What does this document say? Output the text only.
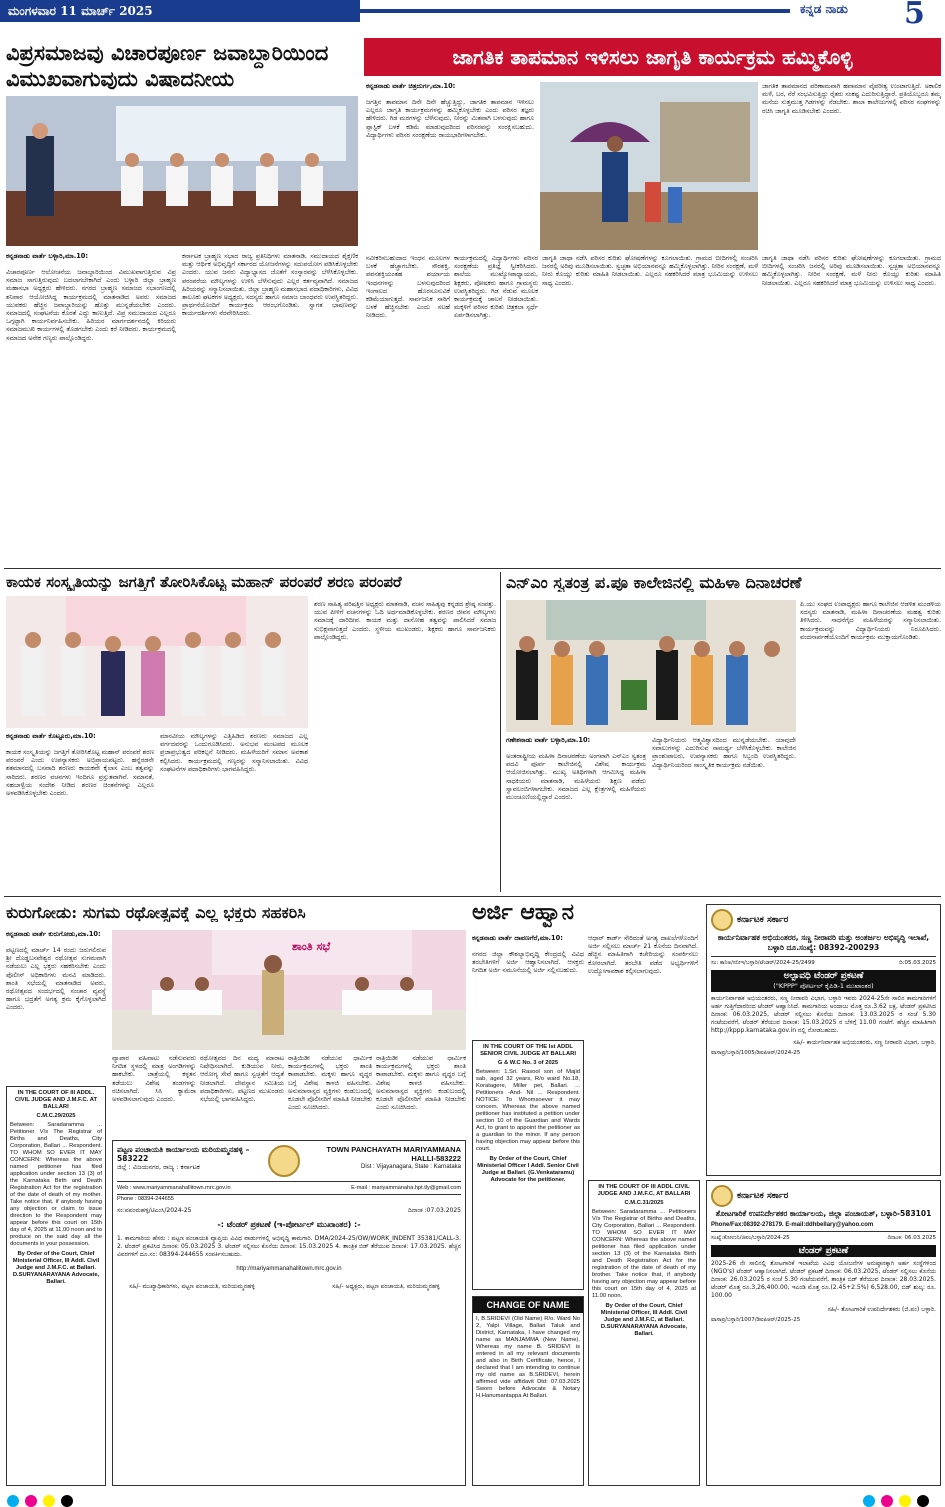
ಮಂಗಳವಾರ 11 ಮಾರ್ಚ್ 2025	ಕನ್ನಡ ನಾಡು 5
ವಿಪ್ರಸಮಾಜವು ವಿಚಾರಪೂರ್ಣ ಜವಾಬ್ದಾರಿಯಿಂದ ವಿಮುಖವಾಗುವುದು ವಿಷಾದನೀಯ
ಕನ್ನಡನಾಡು ವಾರ್ತೆ ಬಳ್ಳಾರಿ,ಮಾ.10:
ವಿಚಾರಪೂರ್ಣ ಆಲೋಚನೆಯ ಜವಾಬ್ದಾರಿಯಿಂದ ವಿಮುಖವಾಗುತ್ತಿರುವ ವಿಪ್ರ ಸಮಾಜ ಸಾಗುತ್ತಿರುವುದು ಬದಲಾಗಬೇಕಾಗಿದೆ ಎಂದು ಬಳ್ಳಾರಿ ಜಿಲ್ಲಾ ಬ್ರಾಹ್ಮಣ ಮಹಾಸಭಾ ಅಧ್ಯಕ್ಷರು ಹೇಳಿದರು. ನಗರದ ಬ್ರಾಹ್ಮಣ ಸಮಾಜದ ಸಭಾಂಗಣದಲ್ಲಿ ಶನಿವಾರ ಆಯೋಜಿಸಿದ್ದ ಕಾರ್ಯಕ್ರಮದಲ್ಲಿ ಮಾತನಾಡಿದ ಅವರು ಸಮಾಜದ ಯುವಕರು ಹೆಚ್ಚಿನ ಜವಾಬ್ದಾರಿಯನ್ನು ಹೊತ್ತು ಮುನ್ನಡೆಯಬೇಕು ಎಂದರು. ಸಮಾಜದಲ್ಲಿ ಸಂಘಟನೆಯ ಕೊರತೆ ಎದ್ದು ಕಾಣುತ್ತಿದೆ. ವಿಪ್ರ ಸಮುದಾಯದ ಎಲ್ಲರೂ ಒಗ್ಗಟ್ಟಾಗಿ ಕಾರ್ಯನಿರ್ವಹಿಸಬೇಕು. ಹಿರಿಯರ ಮಾರ್ಗದರ್ಶನದಲ್ಲಿ ಕಿರಿಯರು ಸಮಾಜಮುಖಿ ಕಾರ್ಯಗಳಲ್ಲಿ ತೊಡಗಬೇಕು ಎಂದು ಕರೆ ನೀಡಿದರು. ಕಾರ್ಯಕ್ರಮದಲ್ಲಿ ಸಮಾಜದ ಅನೇಕ ಗಣ್ಯರು ಪಾಲ್ಗೊಂಡಿದ್ದರು.
ಕರ್ನಾಟಕ ಬ್ರಾಹ್ಮಣ ಸಭಾದ ರಾಜ್ಯ ಪ್ರತಿನಿಧಿಗಳು ಮಾತನಾಡಿ, ಸಮುದಾಯದ ಶೈಕ್ಷಣಿಕ ಮತ್ತು ಆರ್ಥಿಕ ಅಭಿವೃದ್ಧಿಗೆ ಸರ್ಕಾರದ ಯೋಜನೆಗಳನ್ನು ಸದುಪಯೋಗ ಪಡಿಸಿಕೊಳ್ಳಬೇಕು ಎಂದರು. ಯುವ ಜನರು ವಿದ್ಯಾಭ್ಯಾಸದ ಜೊತೆಗೆ ಸಂಸ್ಕಾರವನ್ನು ಬೆಳೆಸಿಕೊಳ್ಳಬೇಕು. ಪರಂಪರೆಯ ಮೌಲ್ಯಗಳನ್ನು ಉಳಿಸಿ ಬೆಳೆಸುವುದು ಎಲ್ಲರ ಕರ್ತವ್ಯವಾಗಿದೆ. ಸಮಾಜದ ಹಿರಿಯರನ್ನು ಸನ್ಮಾನಿಸಲಾಯಿತು. ಜಿಲ್ಲಾ ಬ್ರಾಹ್ಮಣ ಮಹಾಸಭಾದ ಪದಾಧಿಕಾರಿಗಳು, ವಿವಿಧ ತಾಲೂಕು ಘಟಕಗಳ ಅಧ್ಯಕ್ಷರು, ಸದಸ್ಯರು ಹಾಗೂ ಸಮಾಜ ಬಾಂಧವರು ಉಪಸ್ಥಿತರಿದ್ದರು. ಪ್ರಾರ್ಥನೆಯೊಂದಿಗೆ ಕಾರ್ಯಕ್ರಮ ಆರಂಭಗೊಂಡಿತು. ಸ್ವಾಗತ ಭಾಷಣವನ್ನು ಕಾರ್ಯದರ್ಶಿಗಳು ನೆರವೇರಿಸಿದರು.
ಜಾಗತಿಕ ತಾಪಮಾನ ಇಳಿಸಲು ಜಾಗೃತಿ ಕಾರ್ಯಕ್ರಮ ಹಮ್ಮಿಕೊಳ್ಳಿ
ಕನ್ನಡನಾಡು ವಾರ್ತೆ ಚಿತ್ರದುರ್ಗ,ಮಾ.10:
ಜಗತ್ತಿನ ತಾಪಮಾನ ದಿನೇ ದಿನೇ ಹೆಚ್ಚುತ್ತಿದ್ದು, ಜಾಗತಿಕ ತಾಪಮಾನ ಇಳಿಸಲು ಎಲ್ಲರೂ ಜಾಗೃತಿ ಕಾರ್ಯಕ್ರಮಗಳನ್ನು ಹಮ್ಮಿಕೊಳ್ಳಬೇಕು ಎಂದು ಪರಿಸರ ತಜ್ಞರು ಹೇಳಿದರು. ಗಿಡ ಮರಗಳನ್ನು ಬೆಳೆಸುವುದು, ನೀರನ್ನು ಮಿತವಾಗಿ ಬಳಸುವುದು ಹಾಗೂ ಪ್ಲಾಸ್ಟಿಕ್ ಬಳಕೆ ಕಡಿಮೆ ಮಾಡುವುದರಿಂದ ಪರಿಸರವನ್ನು ಸಂರಕ್ಷಿಸಬಹುದು. ವಿದ್ಯಾರ್ಥಿಗಳು ಪರಿಸರ ಸಂರಕ್ಷಣೆಯ ರಾಯಭಾರಿಗಳಾಗಬೇಕು.
ಜಾಗತಿಕ ತಾಪಮಾನದ ಪರಿಣಾಮವಾಗಿ ಹವಾಮಾನ ವೈಪರೀತ್ಯ ಉಂಟಾಗುತ್ತಿದೆ. ಅಕಾಲಿಕ ಮಳೆ, ಬರ, ನೆರೆ ಸಂಭವಿಸುತ್ತಿದ್ದು ರೈತರು ಸಂಕಷ್ಟ ಎದುರಿಸುತ್ತಿದ್ದಾರೆ. ಪ್ರತಿಯೊಬ್ಬರೂ ತಮ್ಮ ಮನೆಯ ಸುತ್ತಮುತ್ತ ಗಿಡಗಳನ್ನು ನೆಡಬೇಕು. ಶಾಲಾ ಕಾಲೇಜುಗಳಲ್ಲಿ ಪರಿಸರ ಸಂಘಗಳನ್ನು ರಚಿಸಿ ಜಾಗೃತಿ ಮೂಡಿಸಬೇಕು ಎಂದರು.
ನವೀಕರಿಸಬಹುದಾದ ಇಂಧನ ಮೂಲಗಳ ಬಳಕೆ ಹೆಚ್ಚಾಗಬೇಕು. ಸೌರಶಕ್ತಿ, ಪವನಶಕ್ತಿಯಂತಹ ಪರ್ಯಾಯ ಇಂಧನಗಳನ್ನು ಬಳಸುವುದರಿಂದ ಇಂಗಾಲದ ಹೊರಸೂಸುವಿಕೆ ಕಡಿಮೆಯಾಗುತ್ತದೆ. ಸಾರ್ವಜನಿಕ ಸಾರಿಗೆ ಬಳಕೆ ಹೆಚ್ಚಿಸಬೇಕು ಎಂದು ಸಲಹೆ ನೀಡಿದರು.
ಕಾರ್ಯಕ್ರಮದಲ್ಲಿ ವಿದ್ಯಾರ್ಥಿಗಳು ಪರಿಸರ ಸಂರಕ್ಷಣೆಯ ಪ್ರತಿಜ್ಞೆ ಸ್ವೀಕರಿಸಿದರು. ಶಾಲೆಯ ಮುಖ್ಯೋಪಾಧ್ಯಾಯರು, ಶಿಕ್ಷಕರು, ಪೋಷಕರು ಹಾಗೂ ಗ್ರಾಮಸ್ಥರು ಉಪಸ್ಥಿತರಿದ್ದರು. ಗಿಡ ನೆಡುವ ಮೂಲಕ ಕಾರ್ಯಕ್ರಮಕ್ಕೆ ಚಾಲನೆ ನೀಡಲಾಯಿತು. ಮಕ್ಕಳಿಗೆ ಪರಿಸರ ಕುರಿತು ಚಿತ್ರಕಲಾ ಸ್ಪರ್ಧೆ ಏರ್ಪಡಿಸಲಾಗಿತ್ತು.
ಜಾಗೃತಿ ಜಾಥಾ ನಡೆಸಿ ಪರಿಸರ ಕುರಿತು ಘೋಷಣೆಗಳನ್ನು ಕೂಗಲಾಯಿತು. ಗ್ರಾಮದ ಬೀದಿಗಳಲ್ಲಿ ಸಂಚರಿಸಿ ಜನರಲ್ಲಿ ಅರಿವು ಮೂಡಿಸಲಾಯಿತು. ಸ್ವಚ್ಛತಾ ಅಭಿಯಾನವನ್ನೂ ಹಮ್ಮಿಕೊಳ್ಳಲಾಗಿತ್ತು. ನೀರಿನ ಸಂರಕ್ಷಣೆ, ಮಳೆ ನೀರು ಕೊಯ್ಲು ಕುರಿತು ಮಾಹಿತಿ ನೀಡಲಾಯಿತು. ಎಲ್ಲರೂ ಸಹಕರಿಸಿದರೆ ಮಾತ್ರ ಭೂಮಿಯನ್ನು ಉಳಿಸಲು ಸಾಧ್ಯ ಎಂದರು.
ಜಾಗೃತಿ ಜಾಥಾ ನಡೆಸಿ ಪರಿಸರ ಕುರಿತು ಘೋಷಣೆಗಳನ್ನು ಕೂಗಲಾಯಿತು. ಗ್ರಾಮದ ಬೀದಿಗಳಲ್ಲಿ ಸಂಚರಿಸಿ ಜನರಲ್ಲಿ ಅರಿವು ಮೂಡಿಸಲಾಯಿತು. ಸ್ವಚ್ಛತಾ ಅಭಿಯಾನವನ್ನೂ ಹಮ್ಮಿಕೊಳ್ಳಲಾಗಿತ್ತು. ನೀರಿನ ಸಂರಕ್ಷಣೆ, ಮಳೆ ನೀರು ಕೊಯ್ಲು ಕುರಿತು ಮಾಹಿತಿ ನೀಡಲಾಯಿತು. ಎಲ್ಲರೂ ಸಹಕರಿಸಿದರೆ ಮಾತ್ರ ಭೂಮಿಯನ್ನು ಉಳಿಸಲು ಸಾಧ್ಯ ಎಂದರು.
ಕಾಯಕ ಸಂಸ್ಕೃತಿಯನ್ನು ಜಗತ್ತಿಗೆ ತೋರಿಸಿಕೊಟ್ಟ ಮಹಾನ್ ಪರಂಪರೆ ಶರಣ ಪರಂಪರೆ
ಶರಣ ಸಾಹಿತ್ಯ ಪರಿಷತ್ತಿನ ಅಧ್ಯಕ್ಷರು ಮಾತನಾಡಿ, ವಚನ ಸಾಹಿತ್ಯವು ಕನ್ನಡದ ಶ್ರೇಷ್ಠ ಸಂಪತ್ತು. ಯುವ ಪೀಳಿಗೆ ವಚನಗಳನ್ನು ಓದಿ ಅರ್ಥಮಾಡಿಕೊಳ್ಳಬೇಕು. ಶರಣರ ಜೀವನ ಮೌಲ್ಯಗಳು ಸಮಾಜಕ್ಕೆ ದಾರಿದೀಪ. ಕಾಯಕ ಮತ್ತು ದಾಸೋಹ ತತ್ವವನ್ನು ಪಾಲಿಸಿದರೆ ಸಮಾಜ ಸುಭಿಕ್ಷವಾಗುತ್ತದೆ ಎಂದರು. ಸ್ಥಳೀಯ ಮುಖಂಡರು, ಶಿಕ್ಷಕರು ಹಾಗೂ ಸಾರ್ವಜನಿಕರು ಪಾಲ್ಗೊಂಡಿದ್ದರು.
ಕನ್ನಡನಾಡು ವಾರ್ತೆ ಕೊಟ್ಟೂರು,ಮಾ.10:
ಕಾಯಕ ಸಂಸ್ಕೃತಿಯನ್ನು ಜಗತ್ತಿಗೆ ತೋರಿಸಿಕೊಟ್ಟ ಮಹಾನ್ ಪರಂಪರೆ ಶರಣ ಪರಂಪರೆ ಎಂದು ಉಪನ್ಯಾಸಕರು ಅಭಿಪ್ರಾಯಪಟ್ಟರು. ಹನ್ನೆರಡನೇ ಶತಮಾನದಲ್ಲಿ ಬಸವಾದಿ ಶರಣರು ಕಾಯಕವೇ ಕೈಲಾಸ ಎಂಬ ತತ್ವವನ್ನು ಸಾರಿದರು. ಶರಣರ ವಚನಗಳು ಇಂದಿಗೂ ಪ್ರಸ್ತುತವಾಗಿವೆ. ಸಮಾನತೆ, ಸಹಬಾಳ್ವೆಯ ಸಂದೇಶ ನೀಡಿದ ಶರಣರ ಚಿಂತನೆಗಳನ್ನು ಎಲ್ಲರೂ ಅಳವಡಿಸಿಕೊಳ್ಳಬೇಕು ಎಂದರು.
ಮಾನವೀಯ ಮೌಲ್ಯಗಳನ್ನು ಎತ್ತಿಹಿಡಿದ ಶರಣರು ಸಮಾಜದ ಎಲ್ಲ ವರ್ಗದವರನ್ನು ಒಂದುಗೂಡಿಸಿದರು. ಅನುಭವ ಮಂಟಪದ ಮೂಲಕ ಪ್ರಜಾಪ್ರಭುತ್ವದ ಪರಿಕಲ್ಪನೆ ನೀಡಿದರು. ಮಹಿಳೆಯರಿಗೆ ಸಮಾನ ಅವಕಾಶ ಕಲ್ಪಿಸಿದರು. ಕಾರ್ಯಕ್ರಮದಲ್ಲಿ ಗಣ್ಯರನ್ನು ಸನ್ಮಾನಿಸಲಾಯಿತು. ವಿವಿಧ ಸಂಘಟನೆಗಳ ಪದಾಧಿಕಾರಿಗಳು ಭಾಗವಹಿಸಿದ್ದರು.
ಎನ್‌ಎಂ ಸ್ವತಂತ್ರ ಪ.ಪೂ ಕಾಲೇಜಿನಲ್ಲಿ ಮಹಿಳಾ ದಿನಾಚರಣೆ
ಪಿ.ಯು ಸಂಘದ ಉಪಾಧ್ಯಕ್ಷರು ಹಾಗೂ ಕಾಲೇಜಿನ ಆಡಳಿತ ಮಂಡಳಿಯ ಸದಸ್ಯರು ಮಾತನಾಡಿ, ಮಹಿಳಾ ದಿನಾಚರಣೆಯ ಮಹತ್ವ ಕುರಿತು ತಿಳಿಸಿದರು. ಸಾಧನೆಗೈದ ಮಹಿಳೆಯರನ್ನು ಸನ್ಮಾನಿಸಲಾಯಿತು. ಕಾರ್ಯಕ್ರಮವನ್ನು ವಿದ್ಯಾರ್ಥಿನಿಯರು ನಿರೂಪಿಸಿದರು. ವಂದನಾರ್ಪಣೆಯೊಂದಿಗೆ ಕಾರ್ಯಕ್ರಮ ಮುಕ್ತಾಯಗೊಂಡಿತು.
ಗಣೇಶನಾಡು ವಾರ್ತೆ ಬಳ್ಳಾರಿ,ಮಾ.10:
ಅಂತರಾಷ್ಟ್ರೀಯ ಮಹಿಳಾ ದಿನಾಚರಣೆಯ ಅಂಗವಾಗಿ ಎನ್‌ಎಂ ಸ್ವತಂತ್ರ ಪದವಿ ಪೂರ್ವ ಕಾಲೇಜಿನಲ್ಲಿ ವಿಶೇಷ ಕಾರ್ಯಕ್ರಮ ಆಯೋಜಿಸಲಾಗಿತ್ತು. ಮುಖ್ಯ ಅತಿಥಿಗಳಾಗಿ ಆಗಮಿಸಿದ್ದ ಮಹಿಳಾ ಸಾಧಕಿಯರು ಮಾತನಾಡಿ, ಮಹಿಳೆಯರು ಶಿಕ್ಷಣ ಪಡೆದು ಸ್ವಾವಲಂಬಿಗಳಾಗಬೇಕು. ಸಮಾಜದ ಎಲ್ಲ ಕ್ಷೇತ್ರಗಳಲ್ಲಿ ಮಹಿಳೆಯರು ಮುಂಚೂಣಿಯಲ್ಲಿದ್ದಾರೆ ಎಂದರು.
ವಿದ್ಯಾರ್ಥಿನಿಯರು ಆತ್ಮವಿಶ್ವಾಸದಿಂದ ಮುನ್ನಡೆಯಬೇಕು. ಯಾವುದೇ ಸವಾಲುಗಳನ್ನು ಎದುರಿಸುವ ಸಾಮರ್ಥ್ಯ ಬೆಳೆಸಿಕೊಳ್ಳಬೇಕು. ಕಾಲೇಜಿನ ಪ್ರಾಂಶುಪಾಲರು, ಉಪನ್ಯಾಸಕರು ಹಾಗೂ ಸಿಬ್ಬಂದಿ ಉಪಸ್ಥಿತರಿದ್ದರು. ವಿದ್ಯಾರ್ಥಿನಿಯರಿಂದ ಸಾಂಸ್ಕೃತಿಕ ಕಾರ್ಯಕ್ರಮ ನಡೆಯಿತು.
ಕುರುಗೋಡು: ಸುಗಮ ರಥೋತ್ಸವಕ್ಕೆ ಎಲ್ಲ ಭಕ್ತರು ಸಹಕರಿಸಿ
ಕನ್ನಡನಾಡು ವಾರ್ತೆ ಕುರುಗೋಡು,ಮಾ.10:
ಪಟ್ಟಣದಲ್ಲಿ ಮಾರ್ಚ್ 14 ರಂದು ಜರುಗಲಿರುವ ಶ್ರೀ ದೊಡ್ಡಬಸವೇಶ್ವರ ರಥೋತ್ಸವ ಸುಗಮವಾಗಿ ನಡೆಯಲು ಎಲ್ಲ ಭಕ್ತರು ಸಹಕರಿಸಬೇಕು ಎಂದು ಪೊಲೀಸ್ ಅಧಿಕಾರಿಗಳು ಮನವಿ ಮಾಡಿದರು. ಶಾಂತಿ ಸಭೆಯಲ್ಲಿ ಮಾತನಾಡಿದ ಅವರು, ರಥೋತ್ಸವದ ಸಂದರ್ಭದಲ್ಲಿ ಸಂಚಾರ ವ್ಯವಸ್ಥೆ ಹಾಗೂ ಭದ್ರತೆಗೆ ಅಗತ್ಯ ಕ್ರಮ ಕೈಗೊಳ್ಳಲಾಗಿದೆ ಎಂದರು.
ಶಾಂತಿ ಸಭೆ
ವ್ಯಾಪಾರ ವಹಿವಾಟು ನಡೆಸುವವರು ನಿಗದಿತ ಸ್ಥಳದಲ್ಲಿ ಮಾತ್ರ ಅಂಗಡಿಗಳನ್ನು ಹಾಕಬೇಕು. ಜಾತ್ರೆಯಲ್ಲಿ ಕಳ್ಳತನ ತಡೆಯಲು ವಿಶೇಷ ತಂಡಗಳನ್ನು ರಚಿಸಲಾಗಿದೆ. ಸಿಸಿ ಕ್ಯಾಮೆರಾ ಅಳವಡಿಸಲಾಗುವುದು ಎಂದರು.
ರಥೋತ್ಸವದ ದಿನ ಮದ್ಯ ಮಾರಾಟ ನಿಷೇಧಿಸಲಾಗಿದೆ. ಕುಡಿಯುವ ನೀರು, ಆರೋಗ್ಯ ಸೇವೆ ಹಾಗೂ ಸ್ವಚ್ಛತೆಗೆ ಆದ್ಯತೆ ನೀಡಲಾಗಿದೆ. ದೇವಸ್ಥಾನ ಸಮಿತಿಯ ಪದಾಧಿಕಾರಿಗಳು, ಪಟ್ಟಣದ ಮುಖಂಡರು ಸಭೆಯಲ್ಲಿ ಭಾಗವಹಿಸಿದ್ದರು.
ರಾತ್ರಿಯಿಡೀ ನಡೆಯುವ ಧಾರ್ಮಿಕ ಕಾರ್ಯಕ್ರಮಗಳಲ್ಲಿ ಭಕ್ತರು ಶಾಂತಿ ಕಾಪಾಡಬೇಕು. ಮಕ್ಕಳು ಹಾಗೂ ವೃದ್ಧರ ಬಗ್ಗೆ ವಿಶೇಷ ಕಾಳಜಿ ವಹಿಸಬೇಕು. ಅನುಮಾನಾಸ್ಪದ ವ್ಯಕ್ತಿಗಳು ಕಂಡುಬಂದಲ್ಲಿ ಕೂಡಲೇ ಪೊಲೀಸರಿಗೆ ಮಾಹಿತಿ ನೀಡಬೇಕು ಎಂದು ಸೂಚಿಸಿದರು.
ರಾತ್ರಿಯಿಡೀ ನಡೆಯುವ ಧಾರ್ಮಿಕ ಕಾರ್ಯಕ್ರಮಗಳಲ್ಲಿ ಭಕ್ತರು ಶಾಂತಿ ಕಾಪಾಡಬೇಕು. ಮಕ್ಕಳು ಹಾಗೂ ವೃದ್ಧರ ಬಗ್ಗೆ ವಿಶೇಷ ಕಾಳಜಿ ವಹಿಸಬೇಕು. ಅನುಮಾನಾಸ್ಪದ ವ್ಯಕ್ತಿಗಳು ಕಂಡುಬಂದಲ್ಲಿ ಕೂಡಲೇ ಪೊಲೀಸರಿಗೆ ಮಾಹಿತಿ ನೀಡಬೇಕು ಎಂದು ಸೂಚಿಸಿದರು.
IN THE COURT OF III ADDL. CIVIL JUDGE AND J.M.F.C. AT BALLARI
C.M.C.29/2025
Between: Saradaramma ... Petitioner V/s The Registrar of Births and Deaths, City Corporation, Ballari ... Respondent. TO WHOM SO EVER IT MAY CONCERN: Whereas the above named petitioner has filed application under section 13 (3) of the Karnataka Birth and Death Registration Act for the registration of the date of death of my mother. Take notice that, if anybody having any objection or claim to issue direction to the Respondent may appear before this court on 15th day of 4, 2025 at 11.00 noon and to produce on the said day all the documents in your possession.
By Order of the Court, Chief Ministerial Officer, III Addl. Civil Judge and J.M.F.C. at Ballari. D.SURYANARAYANA Advocate, Ballari.
ಪಟ್ಟಣ ಪಂಚಾಯತಿ ಕಾರ್ಯಾಲಯ ಮರಿಯಮ್ಮನಹಳ್ಳಿ – 583222
ಜಿಲ್ಲೆ : ವಿಜಯನಗರ, ರಾಜ್ಯ : ಕರ್ನಾಟಕ
TOWN PANCHAYATH MARIYAMMANA HALLI-583222
Dist : Vijayanagara, State : Karnataka
Web : www.mariyammanahallitown.mrc.gov.in	E-mail : mariyammanaha.hpt.tly@gmail.com
Phone : 08394-244655
ಸಂ:ಪಪಂಮಹಳ್ಳಿ/ಟಿಎಂಸಿ/2024-25	ದಿನಾಂಕ :07.03.2025
-: ಟೆಂಡರ್ ಪ್ರಕಟಣೆ (ಇ-ಪೋರ್ಟಲ್ ಮುಖಾಂತರ) :-
1. ಕಾಮಗಾರಿಯ ಹೆಸರು : ಪಟ್ಟಣ ಪಂಚಾಯತಿ ವ್ಯಾಪ್ತಿಯ ವಿವಿಧ ವಾರ್ಡುಗಳಲ್ಲಿ ಅಭಿವೃದ್ಧಿ ಕಾಮಗಾರಿ. DMA/2024-25/OW/WORK_INDENT 35381/CALL-3. 2. ಟೆಂಡರ್ ಪ್ರಕಟಿಸಿದ ದಿನಾಂಕ: 05.03.2025 3. ಟೆಂಡರ್ ಸಲ್ಲಿಸಲು ಕೊನೆಯ ದಿನಾಂಕ: 15.03.2025 4. ತಾಂತ್ರಿಕ ಬಿಡ್ ತೆರೆಯುವ ದಿನಾಂಕ: 17.03.2025. ಹೆಚ್ಚಿನ ವಿವರಗಳಿಗೆ ದೂ.ಸಂ: 08394-244655 ಸಂಪರ್ಕಿಸಬಹುದು.
http://mariyammanahallitown.mrc.gov.in
ಸಹಿ/- ಮುಖ್ಯಾಧಿಕಾರಿಗಳು, ಪಟ್ಟಣ ಪಂಚಾಯತಿ, ಮರಿಯಮ್ಮನಹಳ್ಳಿ	ಸಹಿ/- ಅಧ್ಯಕ್ಷರು, ಪಟ್ಟಣ ಪಂಚಾಯತಿ, ಮರಿಯಮ್ಮನಹಳ್ಳಿ
ಅರ್ಜಿ ಆಹ್ವಾನ
ಕನ್ನಡನಾಡು ವಾರ್ತೆ ದಾವಣಗೆರೆ,ಮಾ.10:
ನಗರದ ಜಿಲ್ಲಾ ಕೌಶಲ್ಯಾಭಿವೃದ್ಧಿ ಕೇಂದ್ರದಲ್ಲಿ ವಿವಿಧ ತರಬೇತಿಗಳಿಗೆ ಅರ್ಜಿ ಆಹ್ವಾನಿಸಲಾಗಿದೆ. ಆಸಕ್ತರು ನಿಗದಿತ ಅರ್ಜಿ ನಮೂನೆಯಲ್ಲಿ ಅರ್ಜಿ ಸಲ್ಲಿಸಬಹುದು.
ಆಧಾರ್ ಕಾರ್ಡ್ ಸೇರಿದಂತೆ ಅಗತ್ಯ ದಾಖಲೆಗಳೊಂದಿಗೆ ಅರ್ಜಿ ಸಲ್ಲಿಸಲು ಮಾರ್ಚ್ 21 ಕೊನೆಯ ದಿನವಾಗಿದೆ. ಹೆಚ್ಚಿನ ಮಾಹಿತಿಗಾಗಿ ಕಚೇರಿಯನ್ನು ಸಂಪರ್ಕಿಸಲು ಕೋರಲಾಗಿದೆ. ತರಬೇತಿ ಪಡೆದ ಅಭ್ಯರ್ಥಿಗಳಿಗೆ ಉದ್ಯೋಗಾವಕಾಶ ಕಲ್ಪಿಸಲಾಗುವುದು.
IN THE COURT OF THE Ist ADDL SENIOR CIVIL JUDGE AT BALLARI
G & W.C No. 3 of 2025
Between: 1.Sri. Rasool son of Majid sab, aged 32 years, R/o ward No.18, Koratagere, Miller pet, Ballari. ... Petitioners -And- Nil ... Respondent. NOTICE: To Whomsoever it may concern. Whereas the above named petitioner has instituted a petition under section 10 of the Guardian and Wards Act, to grant to appoint the petitioner as a guardian to the minor. If any person having objection may appear before this court.
By Order of the Court, Chief Ministerial Officer I Addl. Senior Civil Judge at Ballari. (G.Venkataramu) Advocate for the petitioner.
CHANGE OF NAME
I, B.SRIDEVI (Old Name) R/o. Ward No 2, Yalpi Village, Ballari Taluk and District, Karnataka, I have changed my name as MANJAMMA (New Name). Whereas my name B. SRIDEVI is entered in all my relevant documents and also in Birth Certificate, hence, I declared that I am intending to continue my old name as B.SRIDEVI, herein affirmed vide affidavit Dtd: 07.03.2025 Sworn before Advocate & Notary H.Hanumantappa At Ballari.
IN THE COURT OF III ADDL CIVIL JUDGE AND J.M.F.C, AT BALLARI
C.M.C.31/2025
Between: Saradaramma ... Petitioners V/s The Registrar of Births and Deaths, City Corporation, Ballari ... Respondent. TO WHOM SO EVER IT MAY CONCERN: Whereas the above named petitioner has filed application under section 13 (3) of the Karnataka Birth and Death Registration Act for the registration of the date of death of my brother. Take notice that, if anybody having any objection may appear before this court on 15th day of 4, 2025 at 11.00 noon.
By Order of the Court, Chief Ministerial Officer, III Addl. Civil Judge and J.M.F.C, at Ballari. D.SURYANARAYANA Advocate, Ballari.
ಕರ್ನಾಟಕ ಸರ್ಕಾರ
ಕಾರ್ಯನಿರ್ವಾಹಕ ಅಭಿಯಂತರರ, ಸಣ್ಣ ನೀರಾವರಿ ಮತ್ತು ಅಂತರ್ಜಲ ಅಭಿವೃದ್ಧಿ ಇಲಾಖೆ, ಬಳ್ಳಾರಿ ದೂ.ಸಂಖ್ಯೆ: 08392-200293
ಸಂ: ಕಾನಿಅ/ಸನೀಇ/ಬಳ್ಳಾರಿ/ಟೆಂಡರ್/2024-25/2499	ದಿ:05.03.2025
ಅಲ್ಪಾವಧಿ ಟೆಂಡರ್ ಪ್ರಕಟಣೆ
("KPPP" ಪೋರ್ಟಲ್ ಕೈಪಿಡಿ-1 ಮುಖಾಂತರ)
ಕಾರ್ಯನಿರ್ವಾಹಕ ಅಭಿಯಂತರರು, ಸಣ್ಣ ನೀರಾವರಿ ವಿಭಾಗ, ಬಳ್ಳಾರಿ ಇವರು 2024-25ನೇ ಸಾಲಿನ ಕಾಮಗಾರಿಗಳಿಗೆ ಅರ್ಹ ಗುತ್ತಿಗೆದಾರರಿಂದ ಟೆಂಡರ್ ಆಹ್ವಾನಿಸಿದೆ. ಕಾಮಗಾರಿಯ ಅಂದಾಜು ಮೊತ್ತ ರೂ.3.62 ಲಕ್ಷ, ಟೆಂಡರ್ ಪ್ರಕಟಿಸಿದ ದಿನಾಂಕ: 06.03.2025, ಟೆಂಡರ್ ಸಲ್ಲಿಸಲು ಕೊನೆಯ ದಿನಾಂಕ: 13.03.2025 ರ ಸಂಜೆ 5.30 ಗಂಟೆಯವರೆಗೆ, ಟೆಂಡರ್ ತೆರೆಯುವ ದಿನಾಂಕ: 15.03.2025 ರ ಬೆಳಿಗ್ಗೆ 11.00 ಗಂಟೆಗೆ. ಹೆಚ್ಚಿನ ಮಾಹಿತಿಗಾಗಿ http://kppp.karnataka.gov.in ನಲ್ಲಿ ನೋಡಬಹುದು.
ಸಹಿ/- ಕಾರ್ಯನಿರ್ವಾಹಕ ಅಭಿಯಂತರರು, ಸಣ್ಣ ನೀರಾವರಿ ವಿಭಾಗ, ಬಳ್ಳಾರಿ.
ವಾಸಾಪ್ರ/ಬಳ್ಳಾರಿ/1005/ಡಿಐಪಿಆರ್/2024-25
ಕರ್ನಾಟಕ ಸರ್ಕಾರ
ತೋಟಗಾರಿಕೆ ಉಪನಿರ್ದೇಶಕರ ಕಾರ್ಯಾಲಯ, ಜಿಲ್ಲಾ ಪಂಚಾಯತ್, ಬಳ್ಳಾರಿ-583101
Phone/Fax:08392-278179. E-mail:ddhbellary@yahoo.com
ಸಂಖ್ಯೆ:ತೋಉನಿ/ಜಿಪಂ/ಬಳ್ಳಾರಿ/2024-25	ದಿನಾಂಕ: 06.03.2025
ಟೆಂಡರ್ ಪ್ರಕಟಣೆ
2025-26 ನೇ ಸಾಲಿನಲ್ಲಿ ತೋಟಗಾರಿಕೆ ಇಲಾಖೆಯ ವಿವಿಧ ಯೋಜನೆಗಳ ಅನುಷ್ಠಾನಕ್ಕಾಗಿ ಅರ್ಹ ಸಂಸ್ಥೆಗಳಿಂದ (NGO's) ಟೆಂಡರ್ ಆಹ್ವಾನಿಸಲಾಗಿದೆ. ಟೆಂಡರ್ ಪ್ರಕಟಣೆ ದಿನಾಂಕ: 06.03.2025, ಟೆಂಡರ್ ಸಲ್ಲಿಸಲು ಕೊನೆಯ ದಿನಾಂಕ: 26.03.2025 ರ ಸಂಜೆ 5.30 ಗಂಟೆಯವರೆಗೆ, ತಾಂತ್ರಿಕ ಬಿಡ್ ತೆರೆಯುವ ದಿನಾಂಕ: 28.03.2025. ಟೆಂಡರ್ ಮೊತ್ತ ರೂ.3,26,400.00, ಇಎಂಡಿ ಮೊತ್ತ ರೂ.(2.45+2.5%) 6,528.00, ಬಿಡ್ ಶುಲ್ಕ: ರೂ. 100.00
ಸಹಿ/- ತೋಟಗಾರಿಕೆ ಉಪನಿರ್ದೇಶಕರು (ಜಿ.ಪಂ) ಬಳ್ಳಾರಿ.
ವಾಸಾಪ್ರ/ಬಳ್ಳಾರಿ/1007/ಡಿಐಪಿಆರ್/2025-25
